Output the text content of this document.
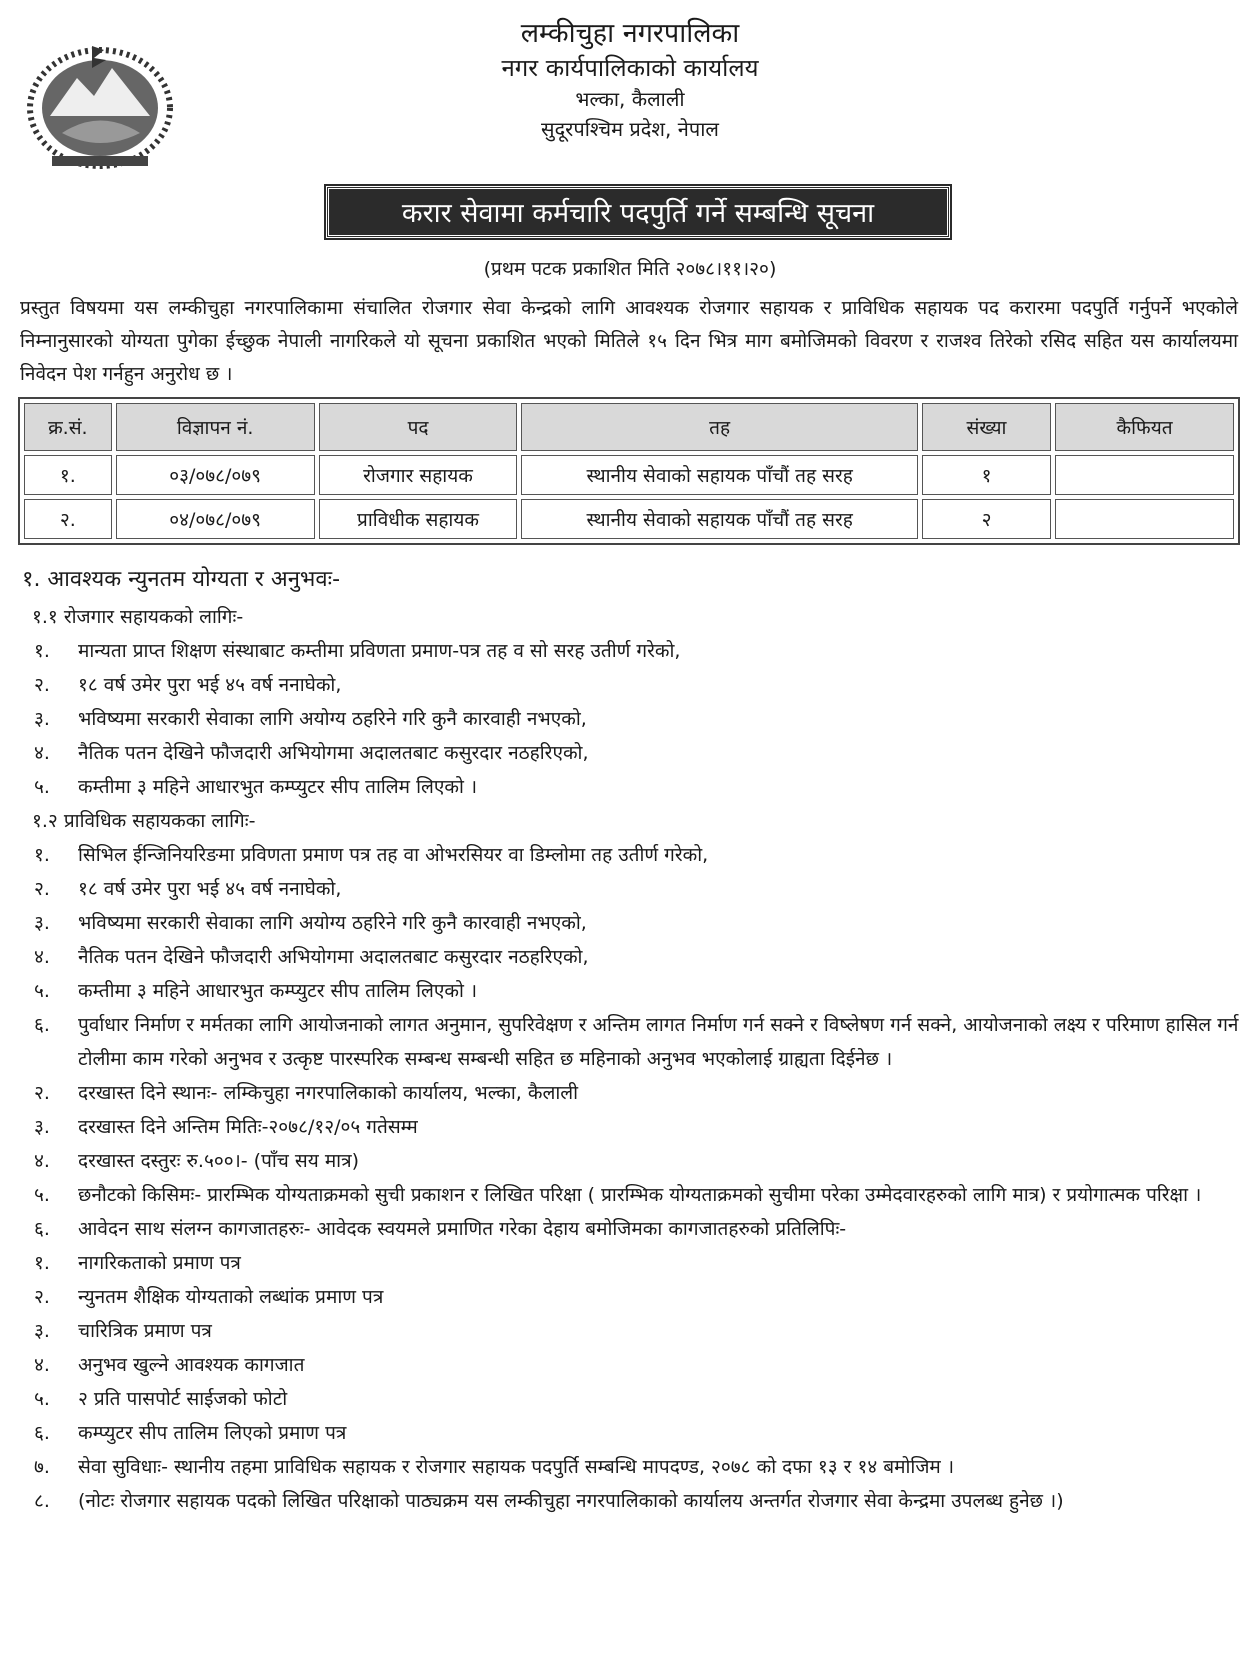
लम्कीचुहा नगरपालिका
नगर कार्यपालिकाको कार्यालय
भल्का, कैलाली
सुदूरपश्चिम प्रदेश, नेपाल
करार सेवामा कर्मचारि पदपुर्ति गर्ने सम्बन्धि सूचना
(प्रथम पटक प्रकाशित मिति २०७८।११।२०)
प्रस्तुत विषयमा यस लम्कीचुहा नगरपालिकामा संचालित रोजगार सेवा केन्द्रको लागि आवश्यक रोजगार सहायक र प्राविधिक सहायक पद करारमा पदपुर्ति गर्नुपर्ने भएकोले निम्नानुसारको योग्यता पुगेका ईच्छुक नेपाली नागरिकले यो सूचना प्रकाशित भएको मितिले १५ दिन भित्र माग बमोजिमको विवरण र राजश्व तिरेको रसिद सहित यस कार्यालयमा निवेदन पेश गर्नहुन अनुरोध छ ।
क्र.सं.	विज्ञापन नं.	पद	तह	संख्या	कैफियत
१.	०३/०७८/०७९	रोजगार सहायक	स्थानीय सेवाको सहायक पाँचौं तह सरह	१	
२.	०४/०७८/०७९	प्राविधीक सहायक	स्थानीय सेवाको सहायक पाँचौं तह सरह	२	
१. आवश्यक न्युनतम योग्यता र अनुभवः-
१.१ रोजगार सहायकको लागिः-
१.	मान्यता प्राप्त शिक्षण संस्थाबाट कम्तीमा प्रविणता प्रमाण-पत्र तह व सो सरह उतीर्ण गरेको,
२.	१८ वर्ष उमेर पुरा भई ४५ वर्ष ननाघेको,
३.	भविष्यमा सरकारी सेवाका लागि अयोग्य ठहरिने गरि कुनै कारवाही नभएको,
४.	नैतिक पतन देखिने फौजदारी अभियोगमा अदालतबाट कसुरदार नठहरिएको,
५.	कम्तीमा ३ महिने आधारभुत कम्प्युटर सीप तालिम लिएको ।
१.२ प्राविधिक सहायकका लागिः-
१.	सिभिल ईन्जिनियरिङमा प्रविणता प्रमाण पत्र तह वा ओभरसियर वा डिम्लोमा तह उतीर्ण गरेको,
२.	१८ वर्ष उमेर पुरा भई ४५ वर्ष ननाघेको,
३.	भविष्यमा सरकारी सेवाका लागि अयोग्य ठहरिने गरि कुनै कारवाही नभएको,
४.	नैतिक पतन देखिने फौजदारी अभियोगमा अदालतबाट कसुरदार नठहरिएको,
५.	कम्तीमा ३ महिने आधारभुत कम्प्युटर सीप तालिम लिएको ।
६.	पुर्वाधार निर्माण र मर्मतका लागि आयोजनाको लागत अनुमान, सुपरिवेक्षण र अन्तिम लागत निर्माण गर्न सक्ने र विष्लेषण गर्न सक्ने, आयोजनाको लक्ष्य र परिमाण हासिल गर्न टोलीमा काम गरेको अनुभव र उत्कृष्ट पारस्परिक सम्बन्ध सम्बन्धी सहित छ महिनाको अनुभव भएकोलाई ग्राह्यता दिईनेछ ।
२.	दरखास्त दिने स्थानः- लम्किचुहा नगरपालिकाको कार्यालय, भल्का, कैलाली
३.	दरखास्त दिने अन्तिम मितिः-२०७८/१२/०५ गतेसम्म
४.	दरखास्त दस्तुरः रु.५००।- (पाँच सय मात्र)
५.	छनौटको किसिमः- प्रारम्भिक योग्यताक्रमको सुची प्रकाशन र लिखित परिक्षा ( प्रारम्भिक योग्यताक्रमको सुचीमा परेका उम्मेदवारहरुको लागि मात्र) र प्रयोगात्मक परिक्षा ।
६.	आवेदन साथ संलग्न कागजातहरुः- आवेदक स्वयमले प्रमाणित गरेका देहाय बमोजिमका कागजातहरुको प्रतिलिपिः-
१.	नागरिकताको प्रमाण पत्र
२.	न्युनतम शैक्षिक योग्यताको लब्धांक प्रमाण पत्र
३.	चारित्रिक प्रमाण पत्र
४.	अनुभव खुल्ने आवश्यक कागजात
५.	२ प्रति पासपोर्ट साईजको फोटो
६.	कम्प्युटर सीप तालिम लिएको प्रमाण पत्र
७.	सेवा सुविधाः- स्थानीय तहमा प्राविधिक सहायक र रोजगार सहायक पदपुर्ति सम्बन्धि मापदण्ड, २०७८ को दफा १३ र १४ बमोजिम ।
८.	(नोटः रोजगार सहायक पदको लिखित परिक्षाको पाठ्यक्रम यस लम्कीचुहा नगरपालिकाको कार्यालय अन्तर्गत रोजगार सेवा केन्द्रमा उपलब्ध हुनेछ ।)
